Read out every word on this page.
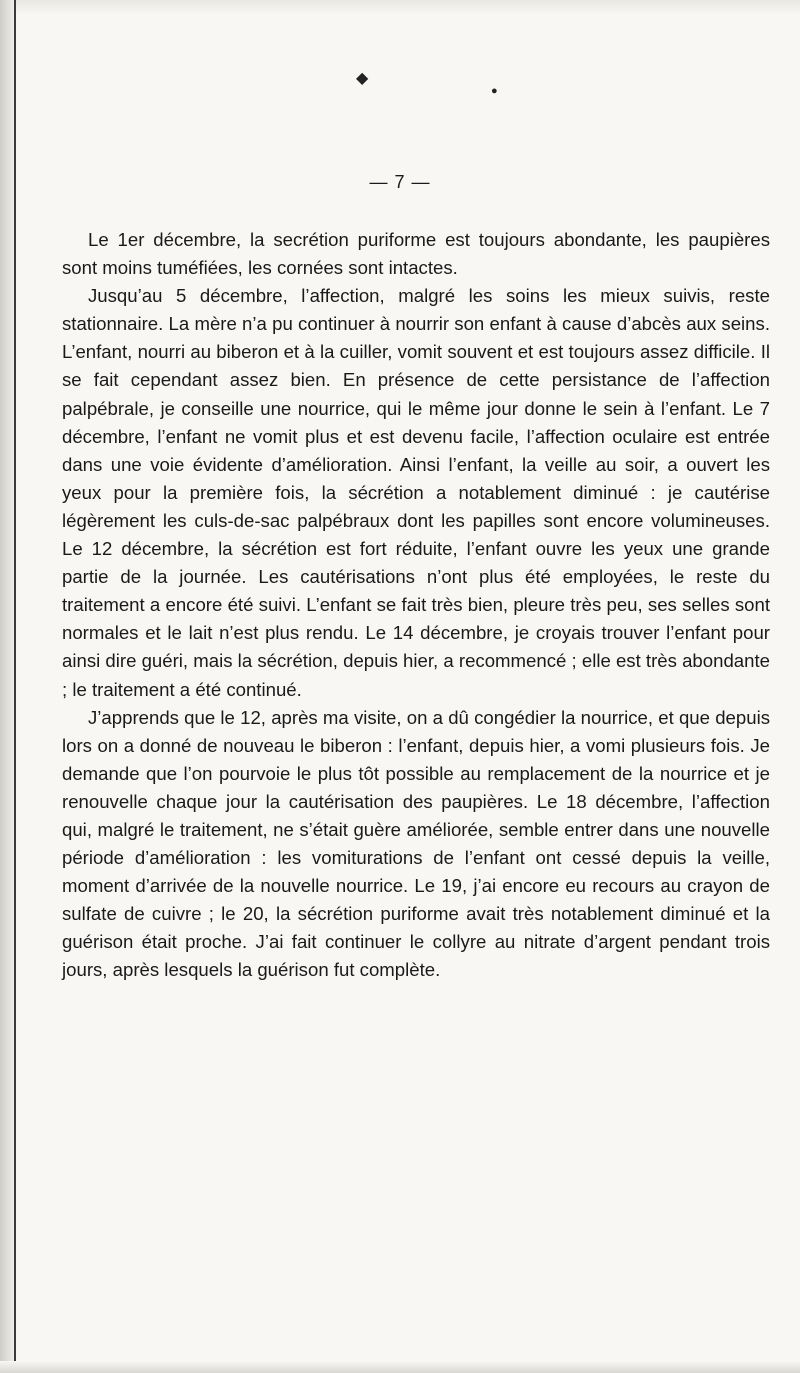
◆
●
— 7 —

Le 1er décembre, la secrétion puriforme est toujours abondante, les paupières sont moins tuméfiées, les cornées sont intactes.

Jusqu’au 5 décembre, l’affection, malgré les soins les mieux suivis, reste stationnaire. La mère n’a pu continuer à nourrir son enfant à cause d’abcès aux seins. L’enfant, nourri au biberon et à la cuiller, vomit souvent et est toujours assez difficile. Il se fait cependant assez bien. En présence de cette persistance de l’affection palpébrale, je conseille une nourrice, qui le même jour donne le sein à l’enfant. Le 7 décembre, l’enfant ne vomit plus et est devenu facile, l’affection oculaire est entrée dans une voie évidente d’amélioration. Ainsi l’enfant, la veille au soir, a ouvert les yeux pour la première fois, la sécrétion a notablement diminué : je cautérise légèrement les culs-de-sac palpébraux dont les papilles sont encore volumineuses. Le 12 décembre, la sécrétion est fort réduite, l’enfant ouvre les yeux une grande partie de la journée. Les cautérisations n’ont plus été employées, le reste du traitement a encore été suivi. L’enfant se fait très bien, pleure très peu, ses selles sont normales et le lait n’est plus rendu. Le 14 décembre, je croyais trouver l’enfant pour ainsi dire guéri, mais la sécrétion, depuis hier, a recommencé ; elle est très abondante ; le traitement a été continué.

J’apprends que le 12, après ma visite, on a dû congédier la nourrice, et que depuis lors on a donné de nouveau le biberon : l’enfant, depuis hier, a vomi plusieurs fois. Je demande que l’on pourvoie le plus tôt possible au remplacement de la nourrice et je renouvelle chaque jour la cautérisation des paupières. Le 18 décembre, l’affection qui, malgré le traitement, ne s’était guère améliorée, semble entrer dans une nouvelle période d’amélioration : les vomiturations de l’enfant ont cessé depuis la veille, moment d’arrivée de la nouvelle nourrice. Le 19, j’ai encore eu recours au crayon de sulfate de cuivre ; le 20, la sécrétion puriforme avait très notablement diminué et la guérison était proche. J’ai fait continuer le collyre au nitrate d’argent pendant trois jours, après lesquels la guérison fut complète.
